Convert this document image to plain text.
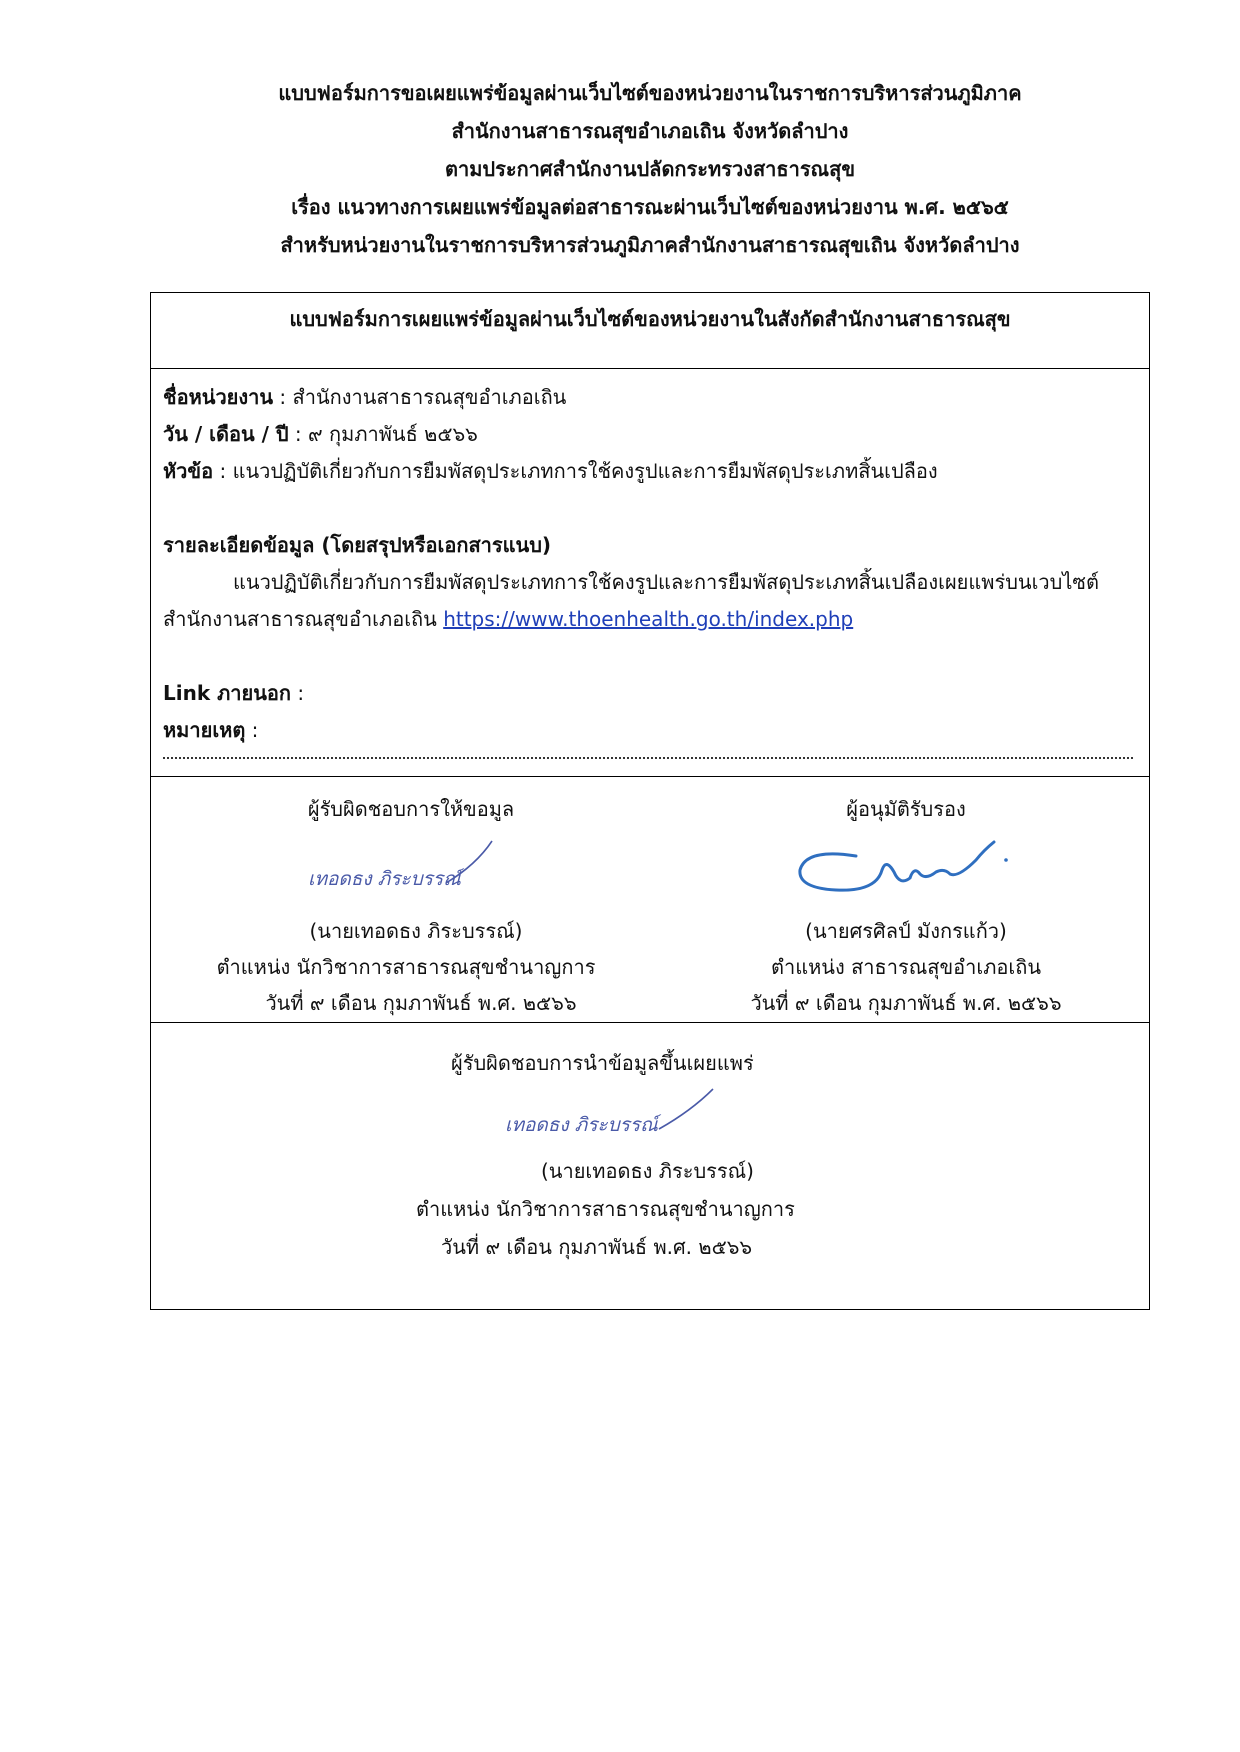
แบบฟอร์มการขอเผยแพร่ข้อมูลผ่านเว็บไซต์ของหน่วยงานในราชการบริหารส่วนภูมิภาค
สำนักงานสาธารณสุขอำเภอเถิน จังหวัดลำปาง
ตามประกาศสำนักงานปลัดกระทรวงสาธารณสุข
เรื่อง แนวทางการเผยแพร่ข้อมูลต่อสาธารณะผ่านเว็บไซต์ของหน่วยงาน พ.ศ. ๒๕๖๕
สำหรับหน่วยงานในราชการบริหารส่วนภูมิภาคสำนักงานสาธารณสุขเถิน จังหวัดลำปาง
แบบฟอร์มการเผยแพร่ข้อมูลผ่านเว็บไซต์ของหน่วยงานในสังกัดสำนักงานสาธารณสุข
ชื่อหน่วยงาน : สำนักงานสาธารณสุขอำเภอเถิน
วัน / เดือน / ปี : ๙ กุมภาพันธ์ ๒๕๖๖
หัวข้อ : แนวปฏิบัติเกี่ยวกับการยืมพัสดุประเภทการใช้คงรูปและการยืมพัสดุประเภทสิ้นเปลือง
รายละเอียดข้อมูล (โดยสรุปหรือเอกสารแนบ)
แนวปฏิบัติเกี่ยวกับการยืมพัสดุประเภทการใช้คงรูปและการยืมพัสดุประเภทสิ้นเปลืองเผยแพร่บนเวบไซต์
สำนักงานสาธารณสุขอำเภอเถิน https://www.thoenhealth.go.th/index.php
Link ภายนอก :
หมายเหตุ :
ผู้รับผิดชอบการให้ขอมูล
เทอดธง ภิระบรรณ์
(นายเทอดธง ภิระบรรณ์)
ตำแหน่ง นักวิชาการสาธารณสุขชำนาญการ
วันที่ ๙ เดือน กุมภาพันธ์ พ.ศ. ๒๕๖๖
ผู้อนุมัติรับรอง
(นายศรศิลป์ มังกรแก้ว)
ตำแหน่ง สาธารณสุขอำเภอเถิน
วันที่ ๙ เดือน กุมภาพันธ์ พ.ศ. ๒๕๖๖
ผู้รับผิดชอบการนำข้อมูลขึ้นเผยแพร่
เทอดธง ภิระบรรณ์
(นายเทอดธง ภิระบรรณ์)
ตำแหน่ง นักวิชาการสาธารณสุขชำนาญการ
วันที่ ๙ เดือน กุมภาพันธ์ พ.ศ. ๒๕๖๖
